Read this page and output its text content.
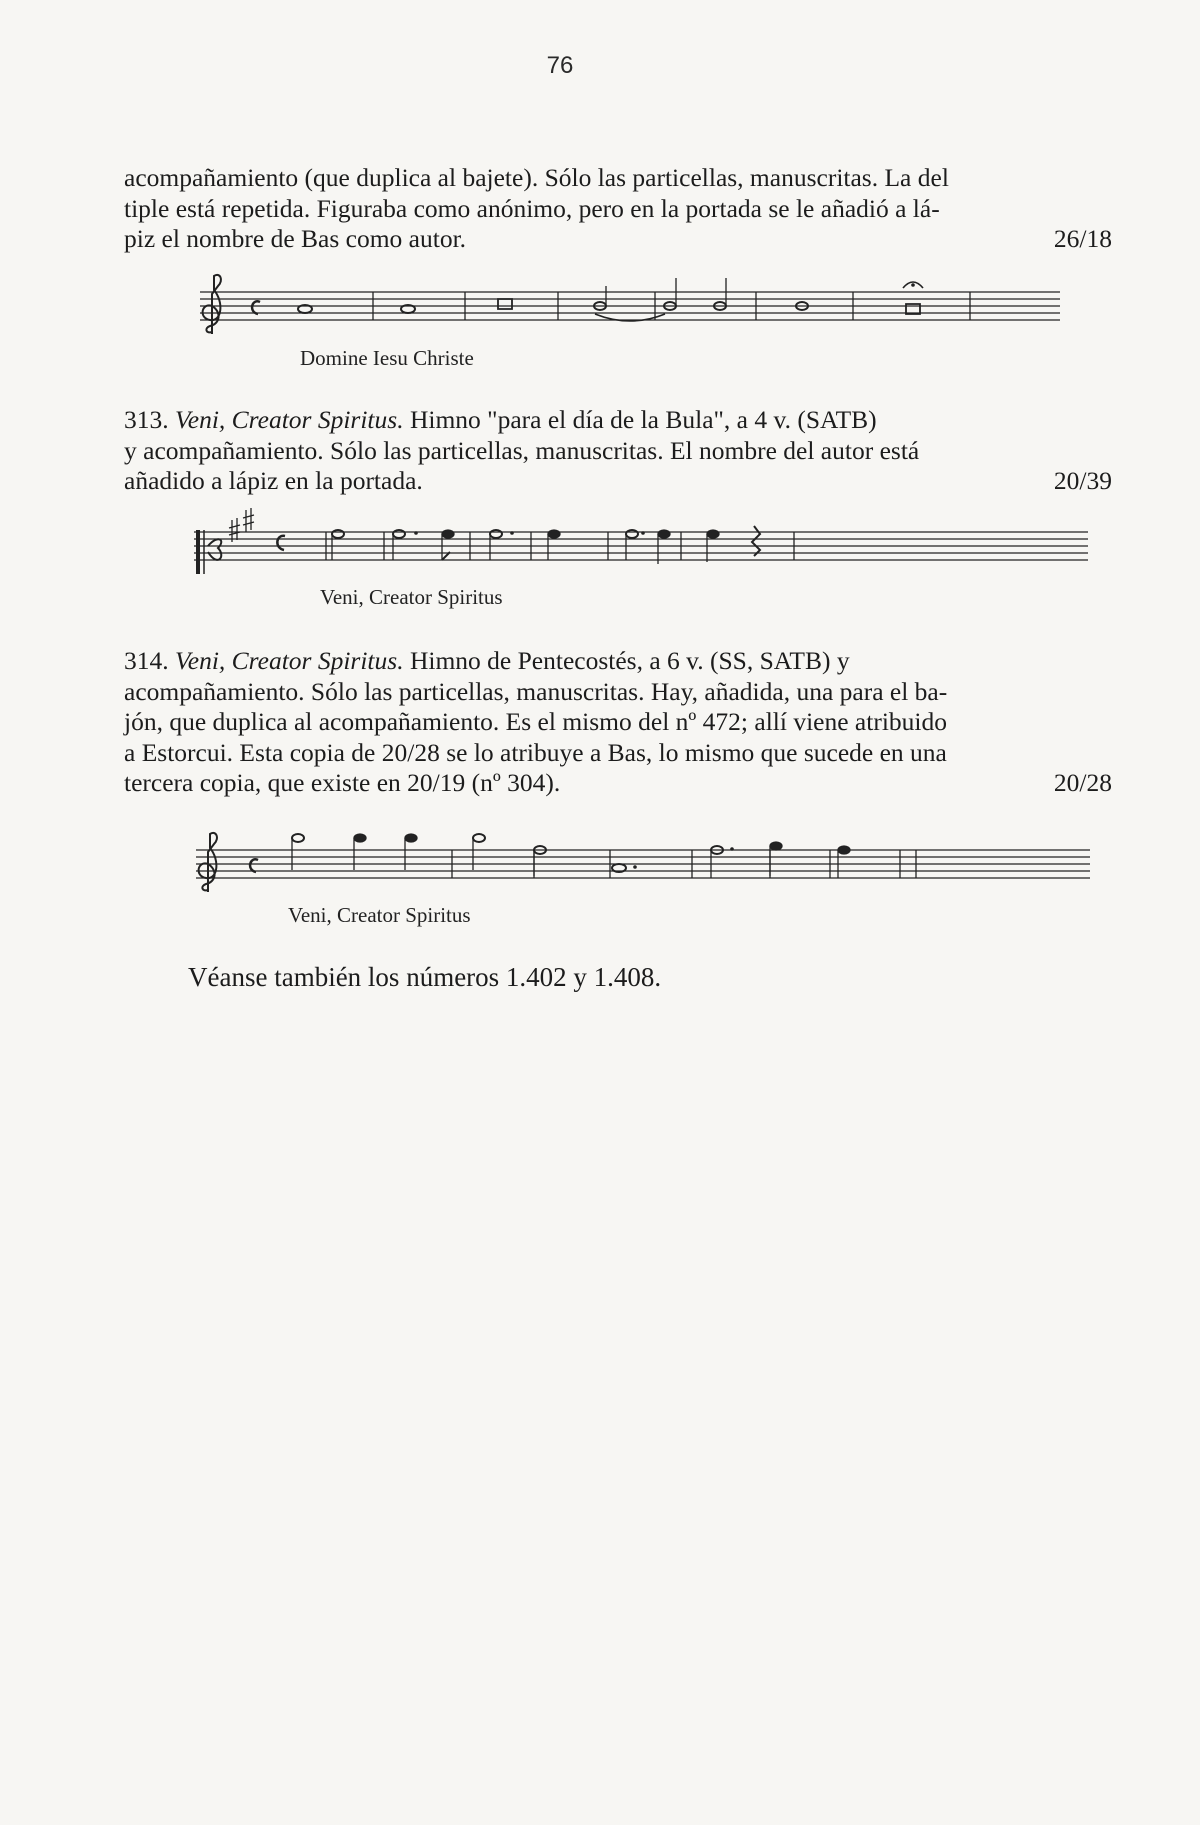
76
acompañamiento (que duplica al bajete). Sólo las particellas, manuscritas. La del
tiple está repetida. Figuraba como anónimo, pero en la portada se le añadió a lá-
piz el nombre de Bas como autor.	26/18
Domine Iesu Christe
313. Veni, Creator Spiritus. Himno "para el día de la Bula", a 4 v. (SATB)
y acompañamiento. Sólo las particellas, manuscritas. El nombre del autor está
añadido a lápiz en la portada.	20/39
Veni, Creator Spiritus
314. Veni, Creator Spiritus. Himno de Pentecostés, a 6 v. (SS, SATB) y
acompañamiento. Sólo las particellas, manuscritas. Hay, añadida, una para el ba-
jón, que duplica al acompañamiento. Es el mismo del nº 472; allí viene atribuido
a Estorcui. Esta copia de 20/28 se lo atribuye a Bas, lo mismo que sucede en una
tercera copia, que existe en 20/19 (nº 304).	20/28
Veni, Creator Spiritus
Véanse también los números 1.402 y 1.408.
